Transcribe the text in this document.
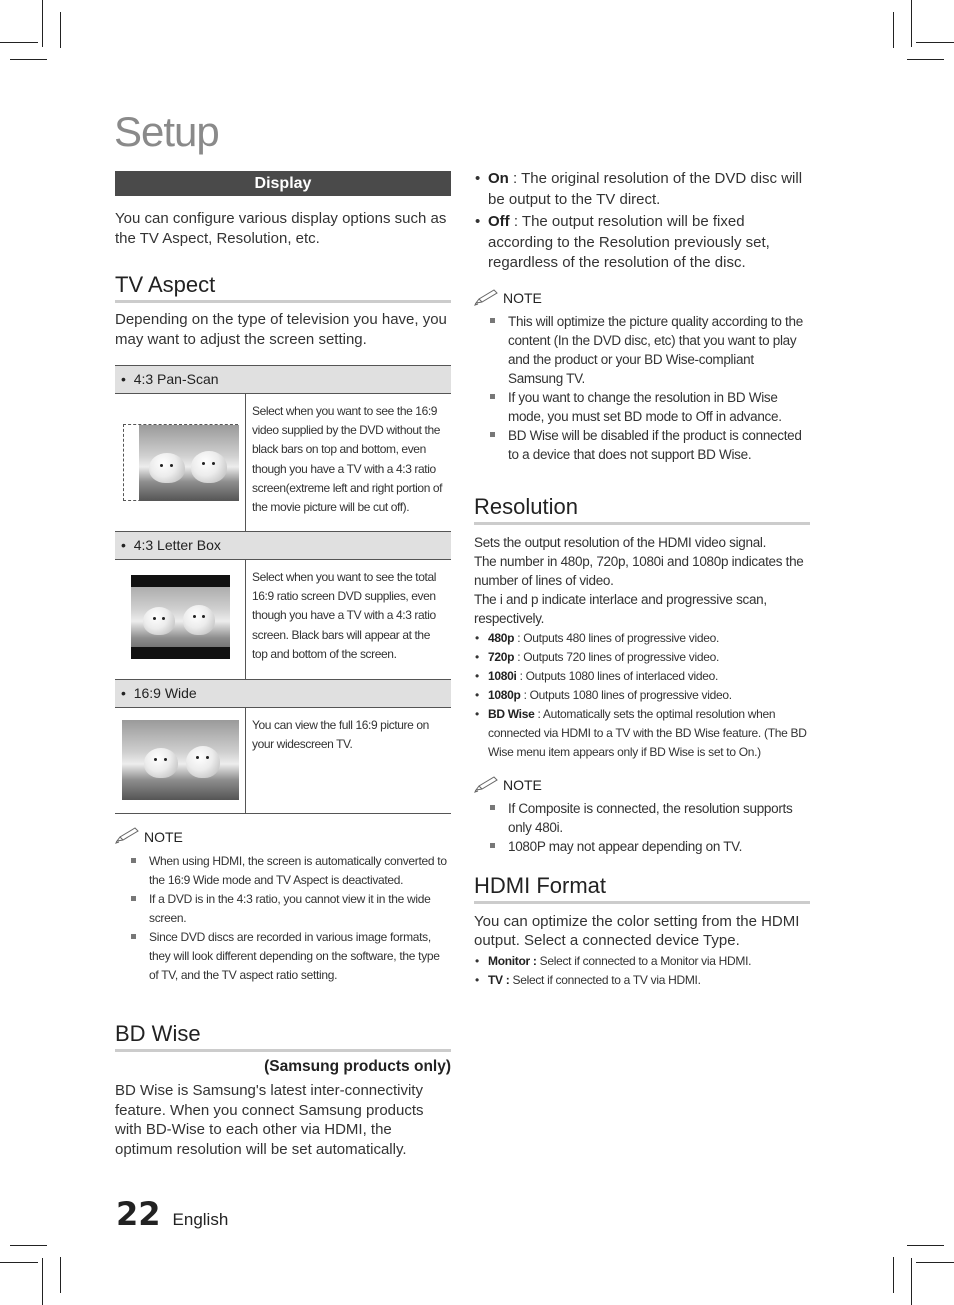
Setup
Display

You can configure various display options such as the TV Aspect, Resolution, etc.

TV Aspect

Depending on the type of television you have, you may want to adjust the screen setting.

•  4:3 Pan-Scan
Select when you want to see the 16:9 video supplied by the DVD without the black bars on top and bottom, even though you have a TV with a 4:3 ratio screen(extreme left and right portion of the movie picture will be cut off).
•  4:3 Letter Box
Select when you want to see the total 16:9 ratio screen DVD supplies, even though you have a TV with a 4:3 ratio screen. Black bars will appear at the top and bottom of the screen.
•  16:9 Wide
You can view the full 16:9 picture on your widescreen TV.
NOTE
When using HDMI, the screen is automatically converted to the 16:9 Wide mode and TV Aspect is deactivated.
If a DVD is in the 4:3 ratio, you cannot view it in the wide screen.
Since DVD discs are recorded in various image formats, they will look different depending on the software, the type of TV, and the TV aspect ratio setting.
BD Wise
(Samsung products only)

BD Wise is Samsung's latest inter-connectivity feature. When you connect Samsung products with BD-Wise to each other via HDMI, the optimum resolution will be set automatically.

• On : The original resolution of the DVD disc will be output to the TV direct.
• Off : The output resolution will be fixed according to the Resolution previously set, regardless of the resolution of the disc.
NOTE
This will optimize the picture quality according to the content (In the DVD disc, etc) that you want to play and the product or your BD Wise-compliant Samsung TV.
If you want to change the resolution in BD Wise mode, you must set BD mode to Off in advance.
BD Wise will be disabled if the product is connected to a device that does not support BD Wise.
Resolution

Sets the output resolution of the HDMI video signal.

The number in 480p, 720p, 1080i and 1080p indicates the number of lines of video.

The i and p indicate interlace and progressive scan, respectively.

• 480p : Outputs 480 lines of progressive video.
• 720p : Outputs 720 lines of progressive video.
• 1080i : Outputs 1080 lines of interlaced video.
• 1080p : Outputs 1080 lines of progressive video.
• BD Wise : Automatically sets the optimal resolution when connected via HDMI to a TV with the BD Wise feature. (The BD Wise menu item appears only if BD Wise is set to On.)
NOTE
If Composite is connected, the resolution supports only 480i.
1080P may not appear depending on TV.
HDMI Format

You can optimize the color setting from the HDMI output. Select a connected device Type.

• Monitor : Select if connected to a Monitor via HDMI.
• TV : Select if connected to a TV via HDMI.
22 English
